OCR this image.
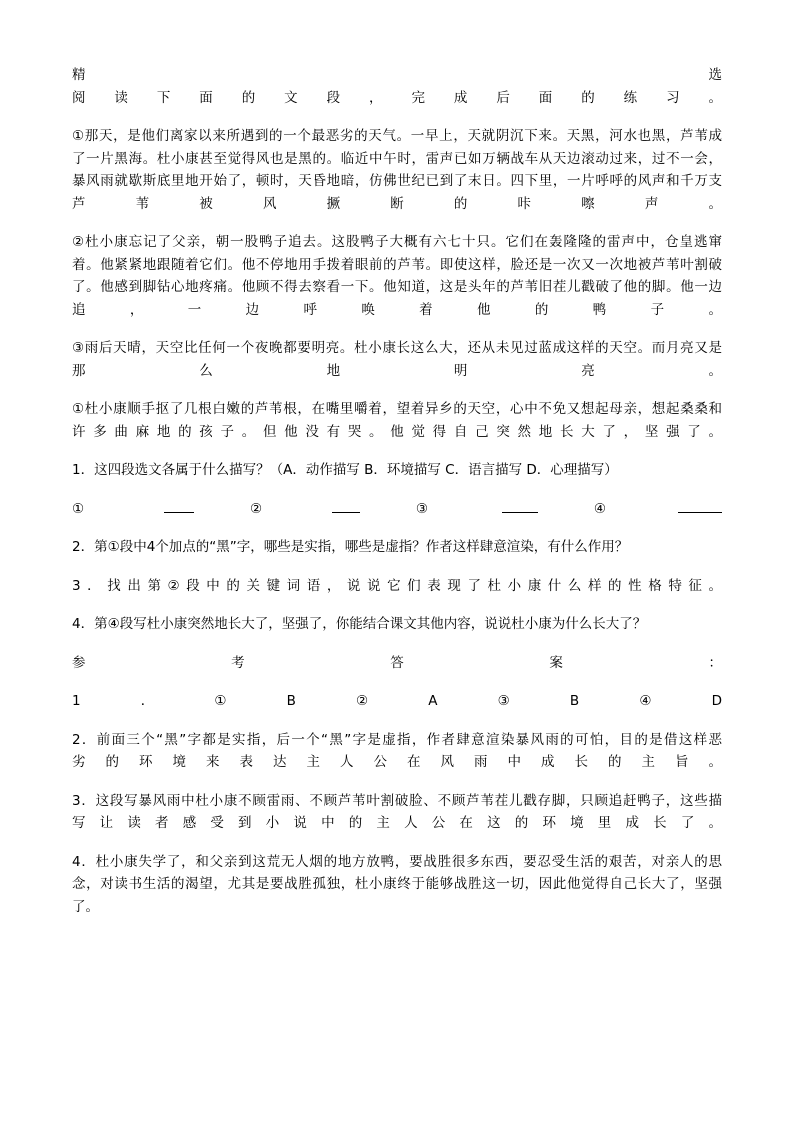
精 选
阅读下面的文段，完成后面的练习。
①那天，是他们离家以来所遇到的一个最恶劣的天气。一早上，天就阴沉下来。天黑，河水也黑，芦苇成
了一片黑海。杜小康甚至觉得风也是黑的。临近中午时，雷声已如万辆战车从天边滚动过来，过不一会，
暴风雨就歇斯底里地开始了，顿时，天昏地暗，仿佛世纪已到了末日。四下里，一片呼呼的风声和千万支
芦苇被风撅断的咔嚓声。
②杜小康忘记了父亲，朝一股鸭子追去。这股鸭子大概有六七十只。它们在轰隆隆的雷声中，仓皇逃窜
着。他紧紧地跟随着它们。他不停地用手拨着眼前的芦苇。即使这样，脸还是一次又一次地被芦苇叶割破
了。他感到脚钻心地疼痛。他顾不得去察看一下。他知道，这是头年的芦苇旧茬儿戳破了他的脚。他一边
追，一边呼唤着他的鸭子。
③雨后天晴，天空比任何一个夜晚都要明亮。杜小康长这么大，还从未见过蓝成这样的天空。而月亮又是
那么地明亮。
①杜小康顺手抠了几根白嫩的芦苇根，在嘴里嚼着，望着异乡的天空，心中不免又想起母亲，想起桑桑和
许多曲麻地的孩子。但他没有哭。他觉得自己突然地长大了，坚强了。
1．这四段选文各属于什么描写？（A．动作描写 B．环境描写 C．语言描写 D．心理描写）
①	②	③	④
2．第①段中4个加点的“黑”字，哪些是实指，哪些是虚指？作者这样肆意渲染，有什么作用？
3．找出第②段中的关键词语，说说它们表现了杜小康什么样的性格特征。
4．第④段写杜小康突然地长大了，坚强了，你能结合课文其他内容，说说杜小康为什么长大了？
参考答案：
1	．	①	B	②	A	③	B	④	D
2．前面三个“黑”字都是实指，后一个“黑”字是虚指，作者肆意渲染暴风雨的可怕，目的是借这样恶
劣的环境来表达主人公在风雨中成长的主旨。
3．这段写暴风雨中杜小康不顾雷雨、不顾芦苇叶割破脸、不顾芦苇茬儿戳存脚，只顾追赶鸭子，这些描
写让读者感受到小说中的主人公在这的环境里成长了。
4．杜小康失学了，和父亲到这荒无人烟的地方放鸭，要战胜很多东西，要忍受生活的艰苦，对亲人的思
念，对读书生活的渴望，尤其是要战胜孤独，杜小康终于能够战胜这一切，因此他觉得自己长大了，坚强
了。
